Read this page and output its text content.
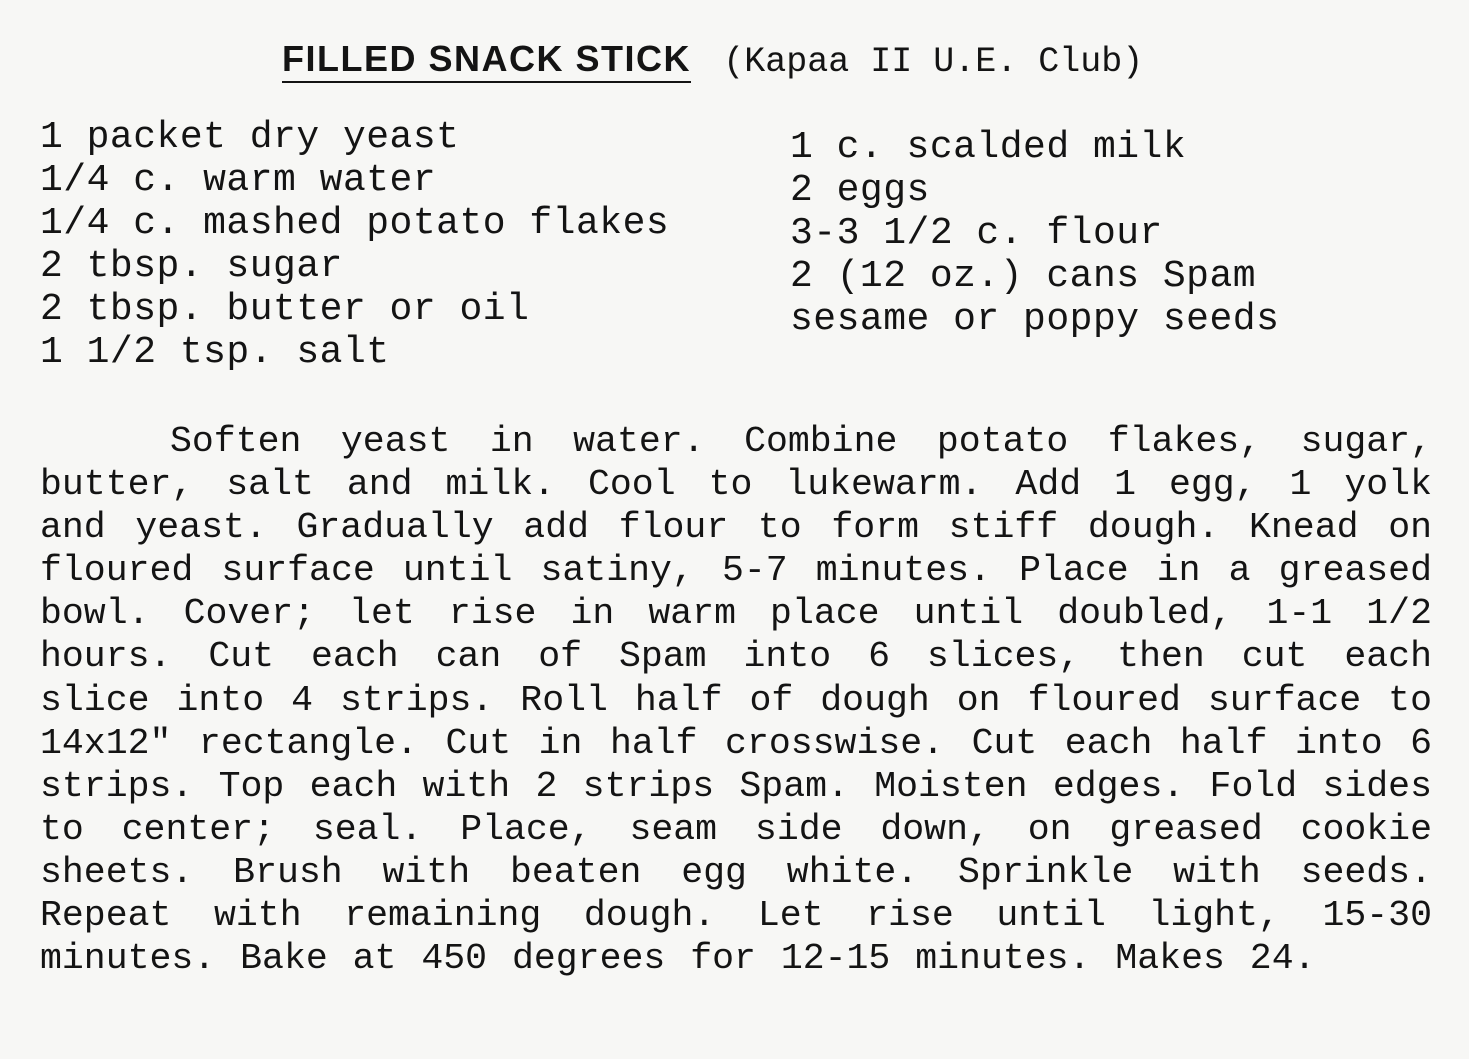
FILLED SNACK STICK (Kapaa II U.E. Club)
1 packet dry yeast
1/4 c. warm water
1/4 c. mashed potato flakes
2 tbsp. sugar
2 tbsp. butter or oil
1 1/2 tsp. salt
1 c. scalded milk
2 eggs
3-3 1/2 c. flour
2 (12 oz.) cans Spam
sesame or poppy seeds

Soften yeast in water. Combine potato flakes, sugar, butter, salt and milk. Cool to lukewarm. Add 1 egg, 1 yolk and yeast. Gradually add flour to form stiff dough. Knead on floured surface until satiny, 5-7 minutes. Place in a greased bowl. Cover; let rise in warm place until doubled, 1-1 1/2 hours. Cut each can of Spam into 6 slices, then cut each slice into 4 strips. Roll half of dough on floured surface to 14x12" rectangle. Cut in half crosswise. Cut each half into 6 strips. Top each with 2 strips Spam. Moisten edges. Fold sides to center; seal. Place, seam side down, on greased cookie sheets. Brush with beaten egg white. Sprinkle with seeds. Repeat with remaining dough. Let rise until light, 15-30 minutes. Bake at 450 degrees for 12-15 minutes. Makes 24.
